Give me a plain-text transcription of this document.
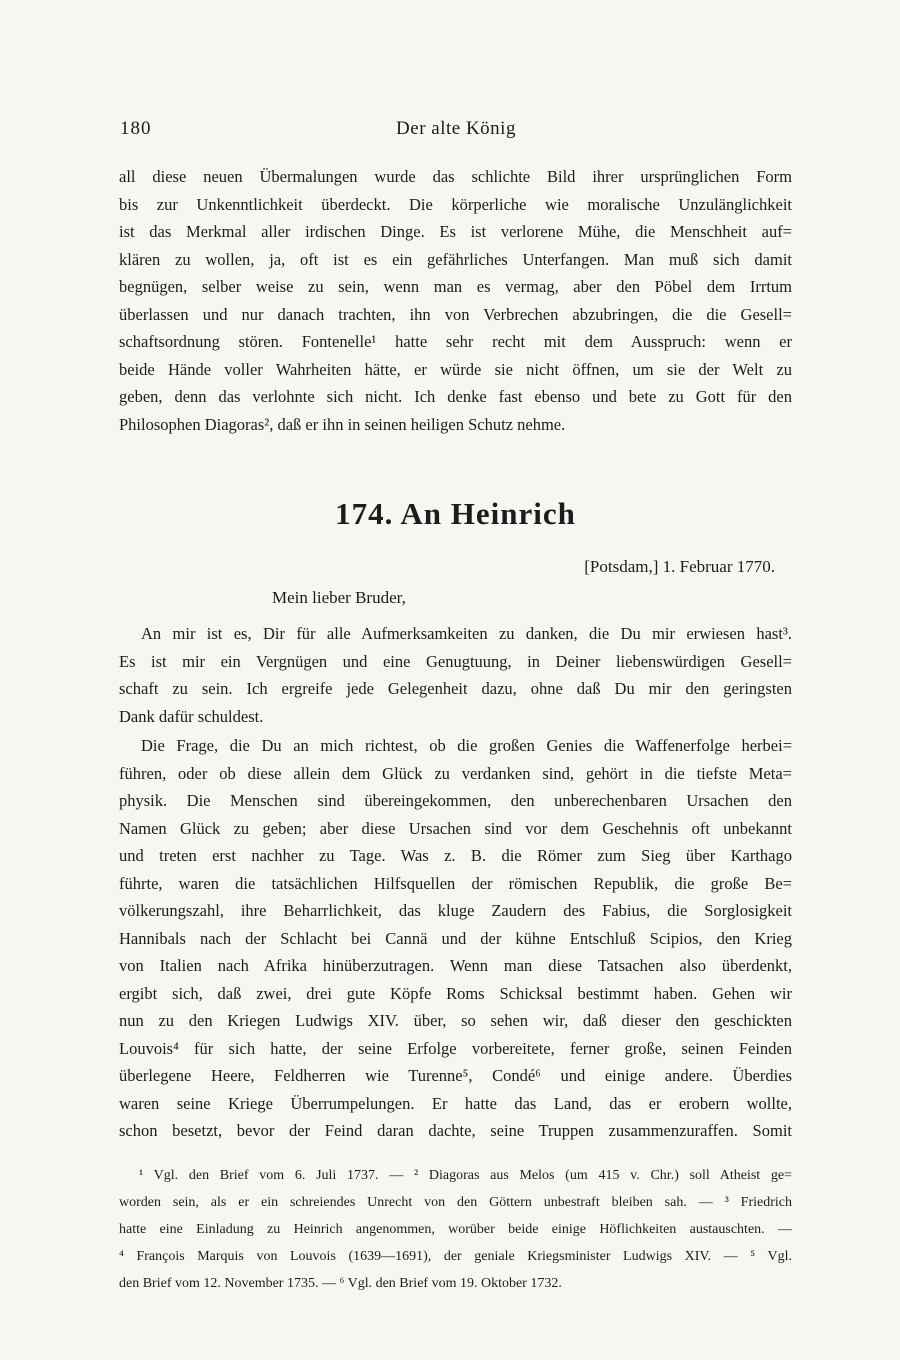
180	Der alte König
all diese neuen Übermalungen wurde das schlichte Bild ihrer ursprünglichen Form
bis zur Unkenntlichkeit überdeckt. Die körperliche wie moralische Unzulänglichkeit
ist das Merkmal aller irdischen Dinge. Es ist verlorene Mühe, die Menschheit auf=
klären zu wollen, ja, oft ist es ein gefährliches Unterfangen. Man muß sich damit
begnügen, selber weise zu sein, wenn man es vermag, aber den Pöbel dem Irrtum
überlassen und nur danach trachten, ihn von Verbrechen abzubringen, die die Gesell=
schaftsordnung stören. Fontenelle¹ hatte sehr recht mit dem Ausspruch: wenn er
beide Hände voller Wahrheiten hätte, er würde sie nicht öffnen, um sie der Welt zu
geben, denn das verlohnte sich nicht. Ich denke fast ebenso und bete zu Gott für den
Philosophen Diagoras², daß er ihn in seinen heiligen Schutz nehme.
174. An Heinrich
[Potsdam,] 1. Februar 1770.
Mein lieber Bruder,
An mir ist es, Dir für alle Aufmerksamkeiten zu danken, die Du mir erwiesen hast³.
Es ist mir ein Vergnügen und eine Genugtuung, in Deiner liebenswürdigen Gesell=
schaft zu sein. Ich ergreife jede Gelegenheit dazu, ohne daß Du mir den geringsten
Dank dafür schuldest.
Die Frage, die Du an mich richtest, ob die großen Genies die Waffenerfolge herbei=
führen, oder ob diese allein dem Glück zu verdanken sind, gehört in die tiefste Meta=
physik. Die Menschen sind übereingekommen, den unberechenbaren Ursachen den
Namen Glück zu geben; aber diese Ursachen sind vor dem Geschehnis oft unbekannt
und treten erst nachher zu Tage. Was z. B. die Römer zum Sieg über Karthago
führte, waren die tatsächlichen Hilfsquellen der römischen Republik, die große Be=
völkerungszahl, ihre Beharrlichkeit, das kluge Zaudern des Fabius, die Sorglosigkeit
Hannibals nach der Schlacht bei Cannä und der kühne Entschluß Scipios, den Krieg
von Italien nach Afrika hinüberzutragen. Wenn man diese Tatsachen also überdenkt,
ergibt sich, daß zwei, drei gute Köpfe Roms Schicksal bestimmt haben. Gehen wir
nun zu den Kriegen Ludwigs XIV. über, so sehen wir, daß dieser den geschickten
Louvois⁴ für sich hatte, der seine Erfolge vorbereitete, ferner große, seinen Feinden
überlegene Heere, Feldherren wie Turenne⁵, Condé⁶ und einige andere. Überdies
waren seine Kriege Überrumpelungen. Er hatte das Land, das er erobern wollte,
schon besetzt, bevor der Feind daran dachte, seine Truppen zusammenzuraffen. Somit
¹ Vgl. den Brief vom 6. Juli 1737. — ² Diagoras aus Melos (um 415 v. Chr.) soll Atheist ge=
worden sein, als er ein schreiendes Unrecht von den Göttern unbestraft bleiben sah. — ³ Friedrich
hatte eine Einladung zu Heinrich angenommen, worüber beide einige Höflichkeiten austauschten. —
⁴ François Marquis von Louvois (1639—1691), der geniale Kriegsminister Ludwigs XIV. — ⁵ Vgl.
den Brief vom 12. November 1735. — ⁶ Vgl. den Brief vom 19. Oktober 1732.
